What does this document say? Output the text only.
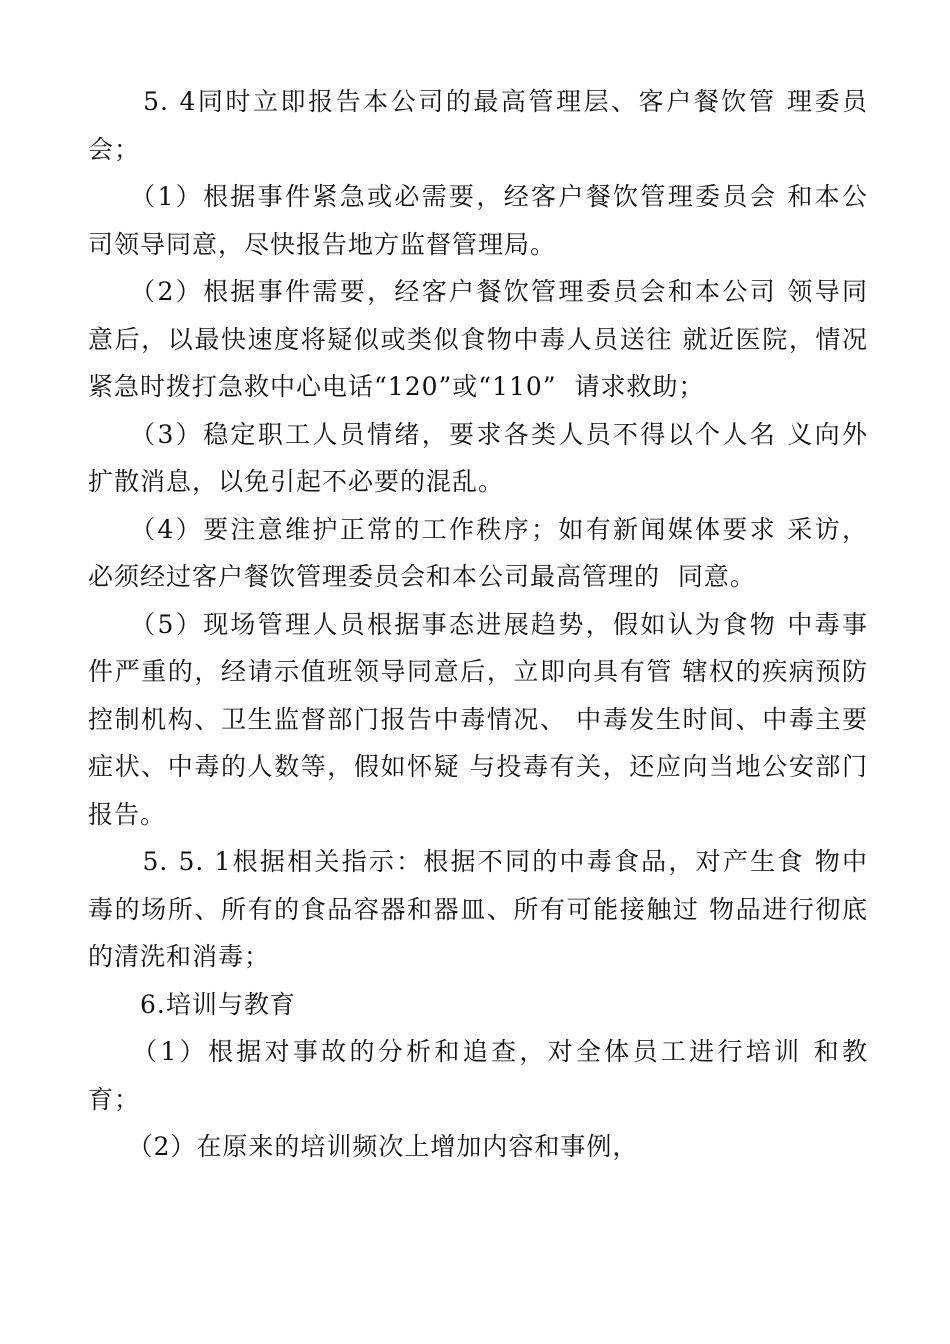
　　5. 4同时立即报告本公司的最高管理层、客户餐饮管 理委员
会；
　　（1）根据事件紧急或必需要，经客户餐饮管理委员会 和本公
司领导同意，尽快报告地方监督管理局。
　　（2）根据事件需要，经客户餐饮管理委员会和本公司 领导同
意后，以最快速度将疑似或类似食物中毒人员送往 就近医院，情况
紧急时拨打急救中心电话“120”或“110”  请求救助；
　　（3）稳定职工人员情绪，要求各类人员不得以个人名 义向外
扩散消息，以免引起不必要的混乱。
　　（4）要注意维护正常的工作秩序；如有新闻媒体要求 采访，
必须经过客户餐饮管理委员会和本公司最高管理的  同意。
　　（5）现场管理人员根据事态进展趋势，假如认为食物 中毒事
件严重的，经请示值班领导同意后，立即向具有管 辖权的疾病预防
控制机构、卫生监督部门报告中毒情况、 中毒发生时间、中毒主要
症状、中毒的人数等，假如怀疑 与投毒有关，还应向当地公安部门
报告。
　　5. 5. 1根据相关指示：根据不同的中毒食品，对产生食 物中
毒的场所、所有的食品容器和器皿、所有可能接触过 物品进行彻底
的清洗和消毒；
　　6.培训与教育
　　（1）根据对事故的分析和追查，对全体员工进行培训 和教
育；
　　（2）在原来的培训频次上增加内容和事例，
